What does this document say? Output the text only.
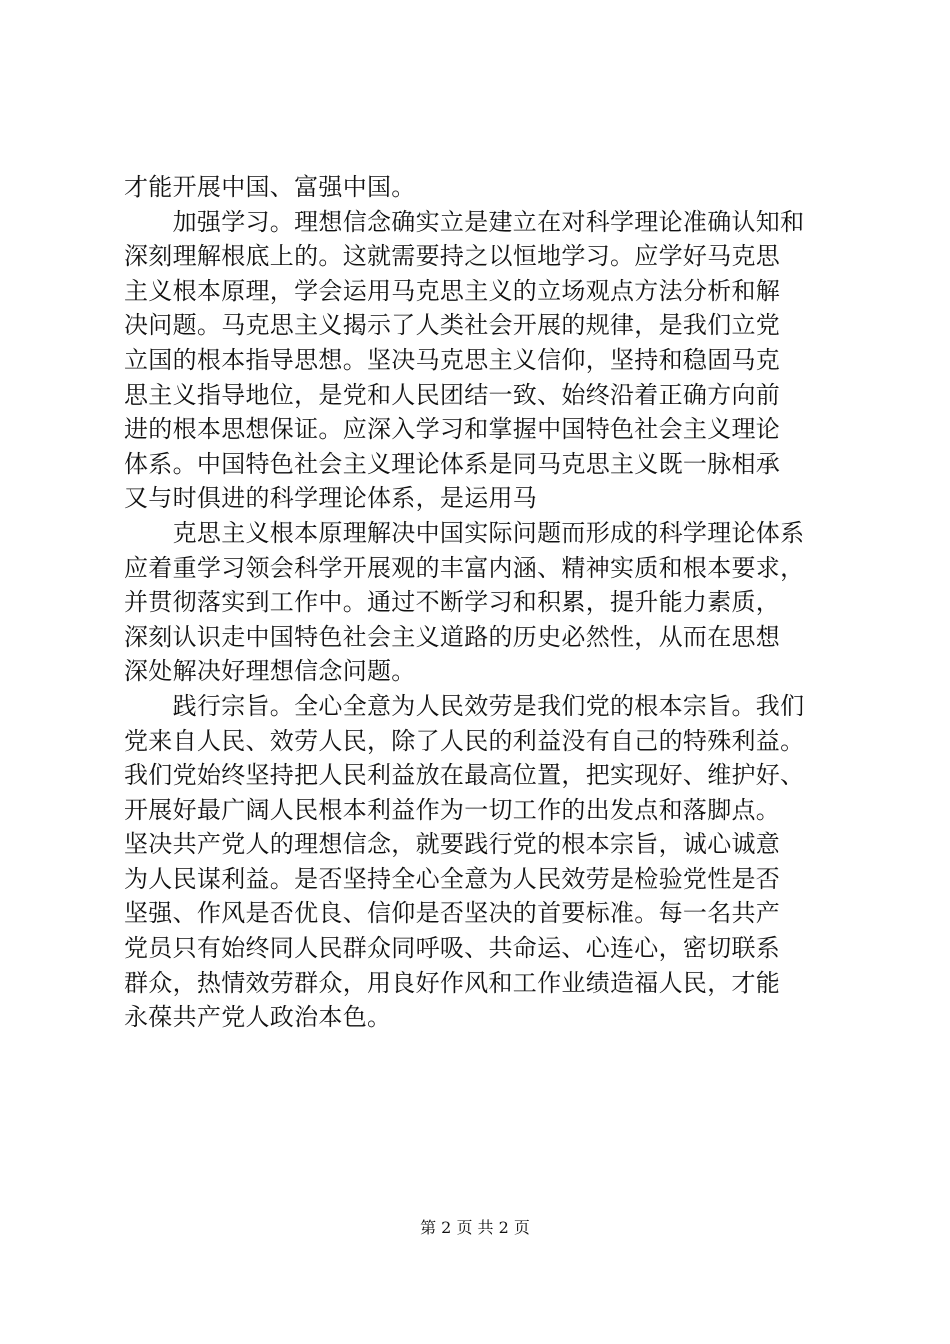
才能开展中国、富强中国。
　　加强学习。理想信念确实立是建立在对科学理论准确认知和
深刻理解根底上的。这就需要持之以恒地学习。应学好马克思
主义根本原理，学会运用马克思主义的立场观点方法分析和解
决问题。马克思主义揭示了人类社会开展的规律，是我们立党
立国的根本指导思想。坚决马克思主义信仰，坚持和稳固马克
思主义指导地位，是党和人民团结一致、始终沿着正确方向前
进的根本思想保证。应深入学习和掌握中国特色社会主义理论
体系。中国特色社会主义理论体系是同马克思主义既一脉相承
又与时俱进的科学理论体系，是运用马
　　克思主义根本原理解决中国实际问题而形成的科学理论体系
应着重学习领会科学开展观的丰富内涵、精神实质和根本要求，
并贯彻落实到工作中。通过不断学习和积累，提升能力素质，
深刻认识走中国特色社会主义道路的历史必然性，从而在思想
深处解决好理想信念问题。
　　践行宗旨。全心全意为人民效劳是我们党的根本宗旨。我们
党来自人民、效劳人民，除了人民的利益没有自己的特殊利益。
我们党始终坚持把人民利益放在最高位置，把实现好、维护好、
开展好最广阔人民根本利益作为一切工作的出发点和落脚点。
坚决共产党人的理想信念，就要践行党的根本宗旨，诚心诚意
为人民谋利益。是否坚持全心全意为人民效劳是检验党性是否
坚强、作风是否优良、信仰是否坚决的首要标准。每一名共产
党员只有始终同人民群众同呼吸、共命运、心连心，密切联系
群众，热情效劳群众，用良好作风和工作业绩造福人民，才能
永葆共产党人政治本色。
第 2 页 共 2 页
